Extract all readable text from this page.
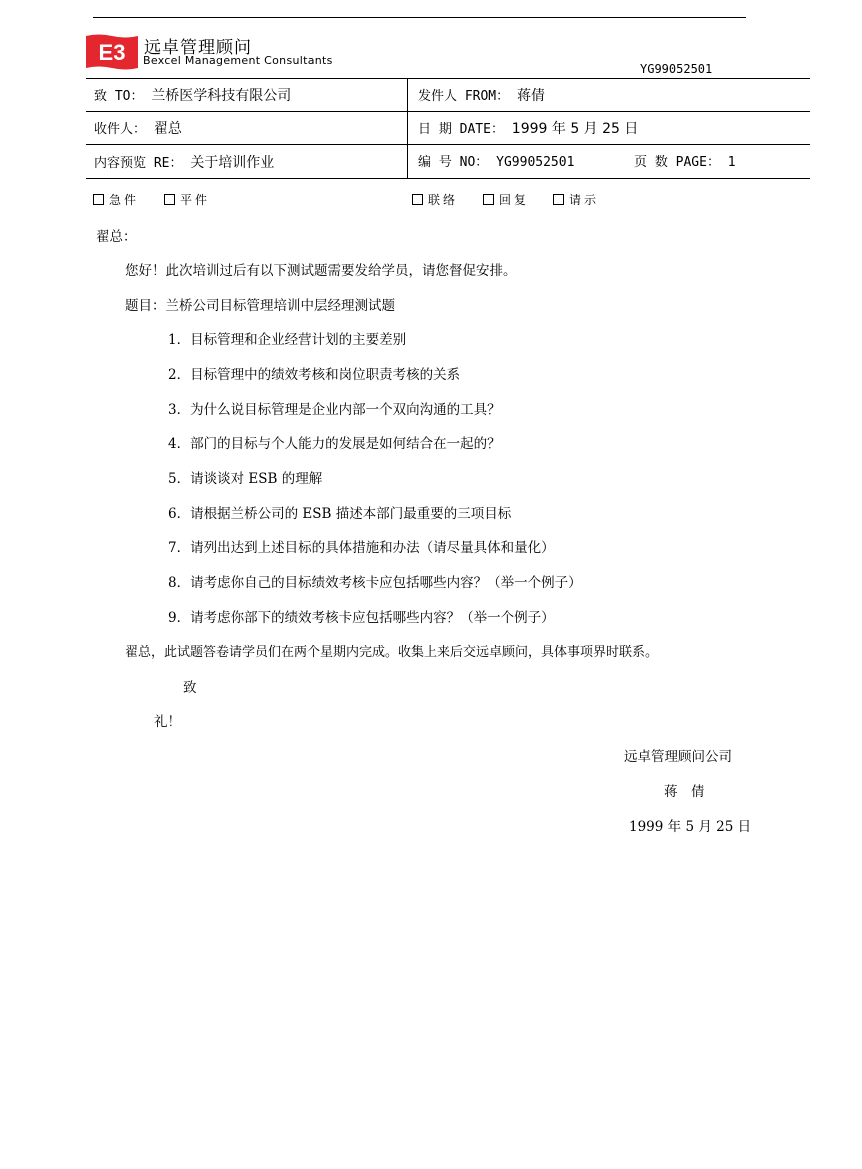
E3 远卓管理顾问
Bexcel Management Consultants
YG99052501
致 TO： 兰桥医学科技有限公司	发件人 FROM： 蒋倩
收件人： 翟总	日 期 DATE： 1999 年 5 月 25 日
内容预览 RE： 关于培训作业	编 号 NO： YG99052501	页 数 PAGE： 1
急件	平件	联络	回复	请示
翟总：
您好！此次培训过后有以下测试题需要发给学员，请您督促安排。
题目：兰桥公司目标管理培训中层经理测试题
1．目标管理和企业经营计划的主要差别
2．目标管理中的绩效考核和岗位职责考核的关系
3．为什么说目标管理是企业内部一个双向沟通的工具？
4．部门的目标与个人能力的发展是如何结合在一起的？
5．请谈谈对 ESB 的理解
6．请根据兰桥公司的 ESB 描述本部门最重要的三项目标
7．请列出达到上述目标的具体措施和办法（请尽量具体和量化）
8．请考虑你自己的目标绩效考核卡应包括哪些内容？（举一个例子）
9．请考虑你部下的绩效考核卡应包括哪些内容？（举一个例子）
翟总，此试题答卷请学员们在两个星期内完成。收集上来后交远卓顾问，具体事项界时联系。
致
礼！
远卓管理顾问公司
蒋　倩
1999 年 5 月 25 日
